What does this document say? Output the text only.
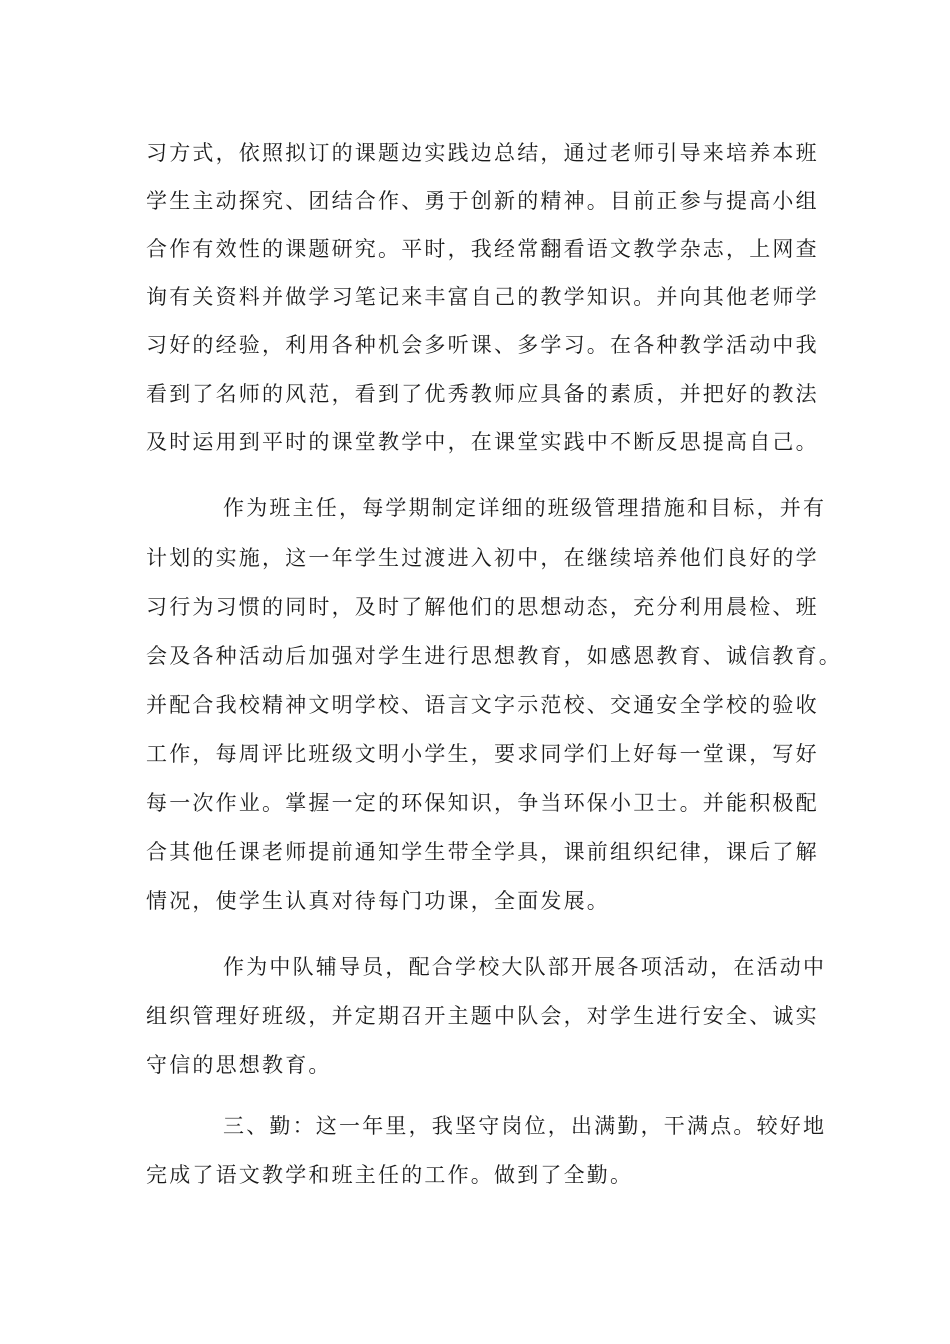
习方式，依照拟订的课题边实践边总结，通过老师引导来培养本班
学生主动探究、团结合作、勇于创新的精神。目前正参与提高小组
合作有效性的课题研究。平时，我经常翻看语文教学杂志，上网查
询有关资料并做学习笔记来丰富自己的教学知识。并向其他老师学
习好的经验，利用各种机会多听课、多学习。在各种教学活动中我
看到了名师的风范，看到了优秀教师应具备的素质，并把好的教法
及时运用到平时的课堂教学中，在课堂实践中不断反思提高自己。
作为班主任，每学期制定详细的班级管理措施和目标，并有
计划的实施，这一年学生过渡进入初中，在继续培养他们良好的学
习行为习惯的同时，及时了解他们的思想动态，充分利用晨检、班
会及各种活动后加强对学生进行思想教育，如感恩教育、诚信教育。
并配合我校精神文明学校、语言文字示范校、交通安全学校的验收
工作，每周评比班级文明小学生，要求同学们上好每一堂课，写好
每一次作业。掌握一定的环保知识，争当环保小卫士。并能积极配
合其他任课老师提前通知学生带全学具，课前组织纪律，课后了解
情况，使学生认真对待每门功课，全面发展。
作为中队辅导员，配合学校大队部开展各项活动，在活动中
组织管理好班级，并定期召开主题中队会，对学生进行安全、诚实
守信的思想教育。
三、勤：这一年里，我坚守岗位，出满勤，干满点。较好地
完成了语文教学和班主任的工作。做到了全勤。
